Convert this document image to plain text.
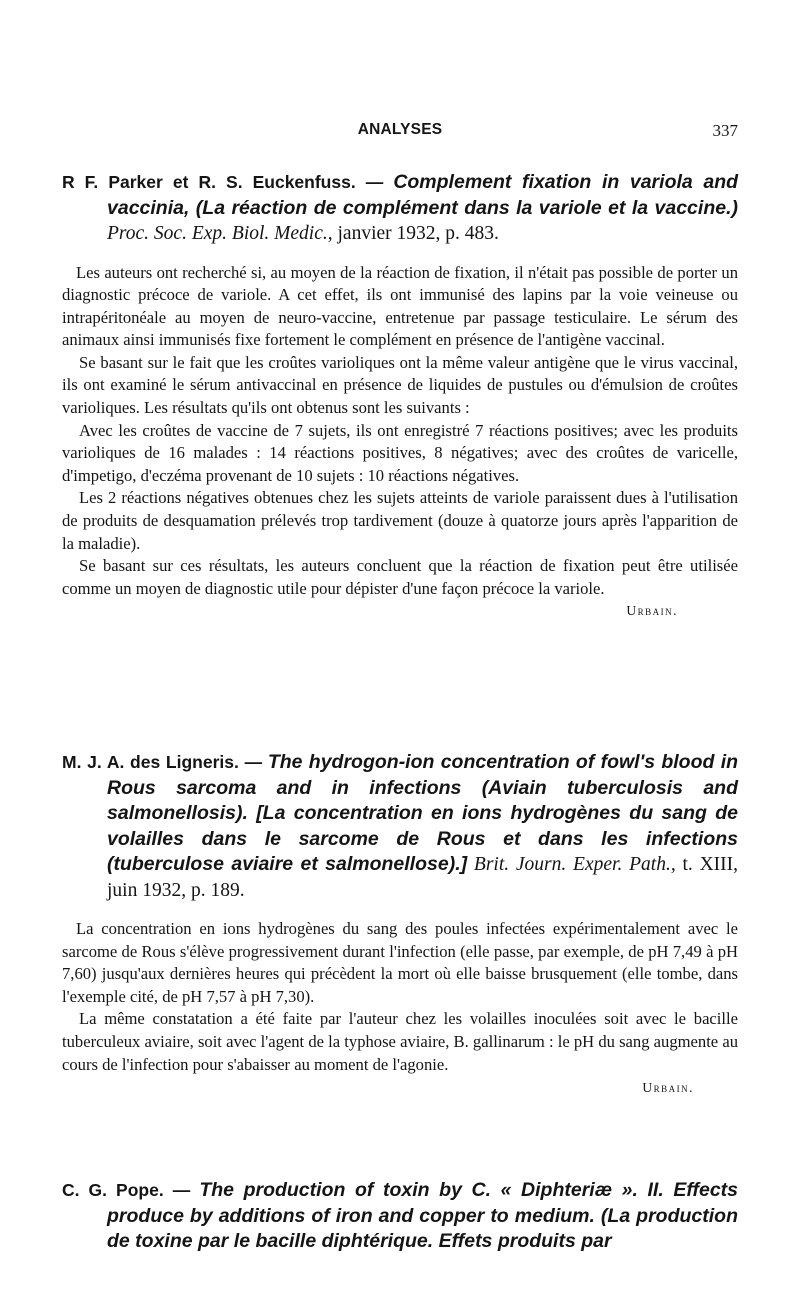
ANALYSES	337
R F. Parker et R. S. Euckenfuss. — Complement fixation in variola and vaccinia, (La réaction de complément dans la variole et la vaccine.) Proc. Soc. Exp. Biol. Medic., janvier 1932, p. 483.

Les auteurs ont recherché si, au moyen de la réaction de fixation, il n'était pas possible de porter un diagnostic précoce de variole. A cet effet, ils ont immunisé des lapins par la voie veineuse ou intrapéritonéale au moyen de neuro-vaccine, entretenue par passage testiculaire. Le sérum des animaux ainsi immunisés fixe fortement le complément en présence de l'antigène vaccinal.

Se basant sur le fait que les croûtes varioliques ont la même valeur antigène que le virus vaccinal, ils ont examiné le sérum antivaccinal en présence de liquides de pustules ou d'émulsion de croûtes varioliques. Les résultats qu'ils ont obtenus sont les suivants :

Avec les croûtes de vaccine de 7 sujets, ils ont enregistré 7 réactions positives; avec les produits varioliques de 16 malades : 14 réactions positives, 8 négatives; avec des croûtes de varicelle, d'impetigo, d'eczéma provenant de 10 sujets : 10 réactions négatives.

Les 2 réactions négatives obtenues chez les sujets atteints de variole paraissent dues à l'utilisation de produits de desquamation prélevés trop tardivement (douze à quatorze jours après l'apparition de la maladie).

Se basant sur ces résultats, les auteurs concluent que la réaction de fixation peut être utilisée comme un moyen de diagnostic utile pour dépister d'une façon précoce la variole.

Urbain.
M. J. A. des Ligneris. — The hydrogon-ion concentration of fowl's blood in Rous sarcoma and in infections (Aviain tuberculosis and salmonellosis). [La concentration en ions hydrogènes du sang de volailles dans le sarcome de Rous et dans les infections (tuberculose aviaire et salmonellose).] Brit. Journ. Exper. Path., t. XIII, juin 1932, p. 189.

La concentration en ions hydrogènes du sang des poules infectées expérimentalement avec le sarcome de Rous s'élève progressivement durant l'infection (elle passe, par exemple, de pH 7,49 à pH 7,60) jusqu'aux dernières heures qui précèdent la mort où elle baisse brusquement (elle tombe, dans l'exemple cité, de pH 7,57 à pH 7,30).

La même constatation a été faite par l'auteur chez les volailles inoculées soit avec le bacille tuberculeux aviaire, soit avec l'agent de la typhose aviaire, B. gallinarum : le pH du sang augmente au cours de l'infection pour s'abaisser au moment de l'agonie.

Urbain.
C. G. Pope. — The production of toxin by C. « Diphteriæ ». II. Effects produce by additions of iron and copper to medium. (La production de toxine par le bacille diphtérique. Effets produits par
